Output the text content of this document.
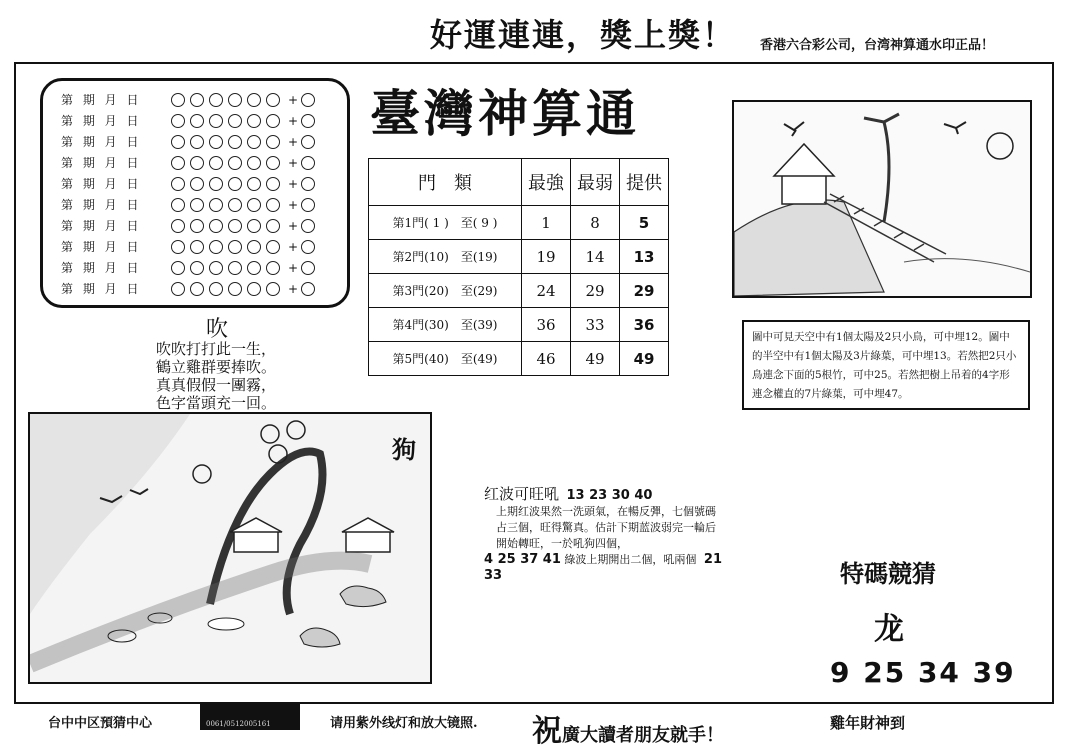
好運連連，獎上獎！ 香港六合彩公司，台湾神算通水印正品！
第 期 月 日	+
第 期 月 日	+
第 期 月 日	+
第 期 月 日	+
第 期 月 日	+
第 期 月 日	+
第 期 月 日	+
第 期 月 日	+
第 期 月 日	+
第 期 月 日	+
臺灣神算通
門　類	最強	最弱	提供
第1門( 1 )　至( 9 )	1	8	5
第2門(10)　至(19)	19	14	13
第3門(20)　至(29)	24	29	29
第4門(30)　至(39)	36	33	36
第5門(40)　至(49)	46	49	49
吹
吹吹打打此一生，
鶴立雞群要捧吹。
真真假假一團霧，
色字當頭充一回。
圖中可見天空中有1個太陽及2只小鳥，可中埋12。圖中的半空中有1個太陽及3片綠葉，可中埋13。若然把2只小鳥連念下面的5根竹，可中25。若然把樹上吊着的4字形連念權直的7片綠葉，可中埋47。
狗
红波可旺吼 13 23 30 40
上期红波果然一洗頭氣，在暢反彈，七個號碼占三個，旺得驚真。估計下期蓝波弱完一輪后開始轉旺，一於吼狗四個，
4 25 37 41 綠波上期開出二個，吼兩個 21 33	特碼競猜
龙
9 25 34 39
台中中区預猜中心	0061/0512005161	请用紫外线灯和放大镜照. 祝廣大讀者朋友就手！
雞年財神到
